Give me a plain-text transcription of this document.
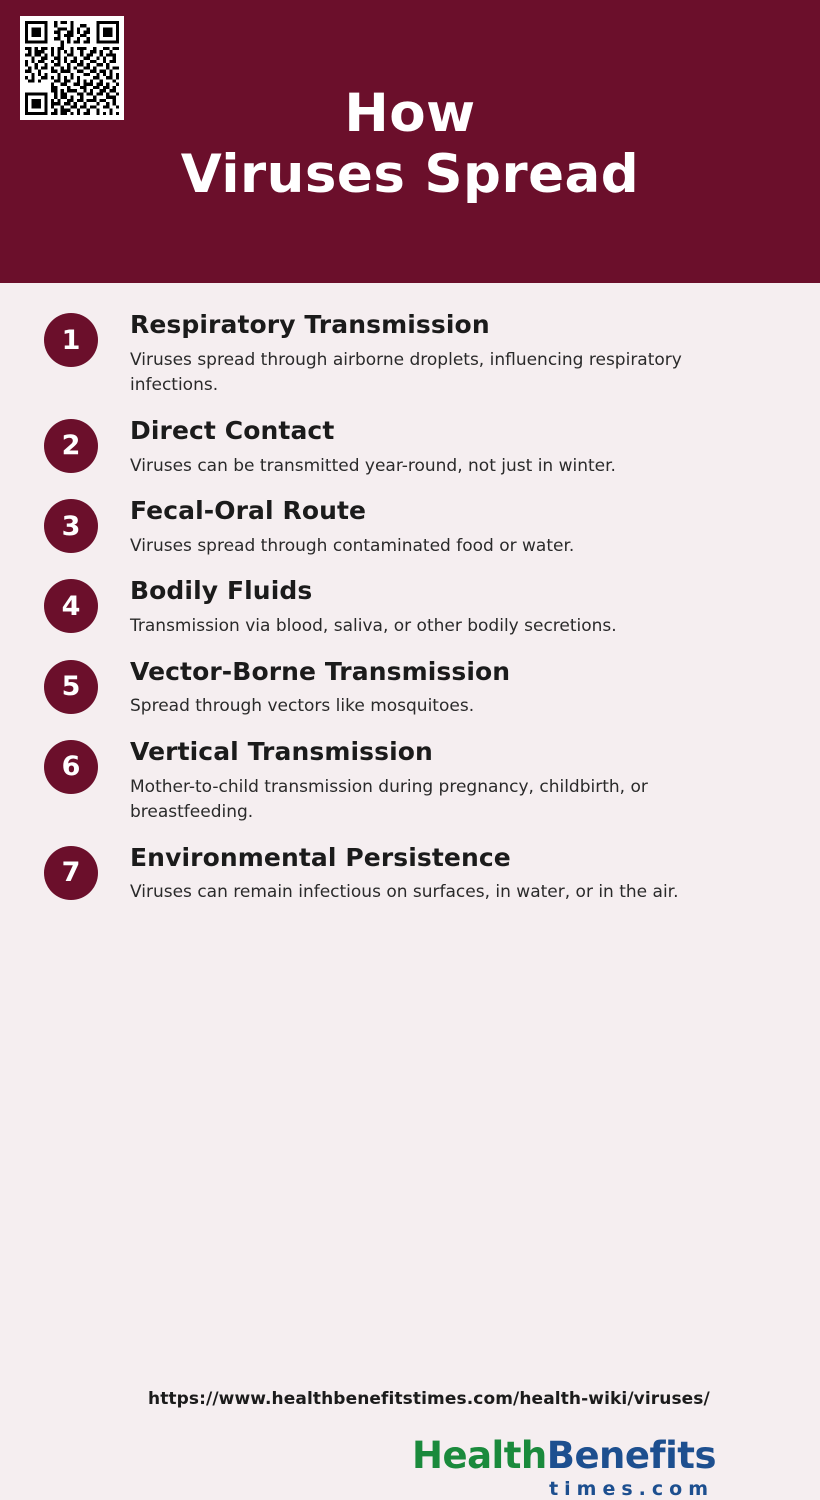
How
Viruses Spread
1	Respiratory Transmission

Viruses spread through airborne droplets, influencing respiratory infections.

2	Direct Contact

Viruses can be transmitted year-round, not just in winter.

3	Fecal-Oral Route

Viruses spread through contaminated food or water.

4	Bodily Fluids

Transmission via blood, saliva, or other bodily secretions.

5	Vector-Borne Transmission

Spread through vectors like mosquitoes.

6	Vertical Transmission

Mother-to-child transmission during pregnancy, childbirth, or breastfeeding.

7	Environmental Persistence

Viruses can remain infectious on surfaces, in water, or in the air.

https://www.healthbenefitstimes.com/health-wiki/viruses/
Health Benefits
times.com
